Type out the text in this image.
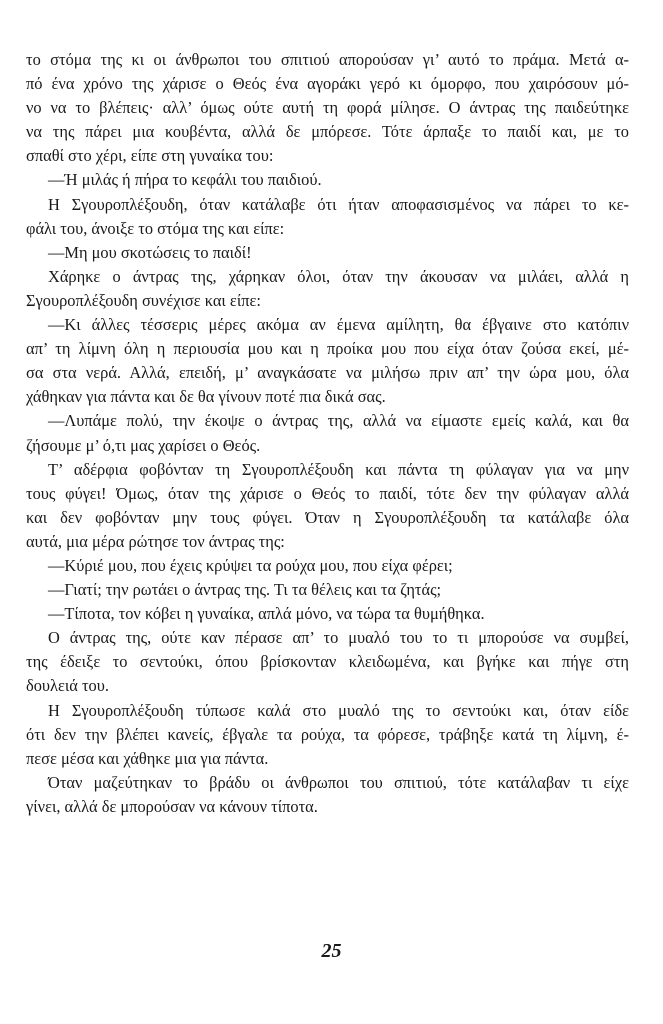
το στόμα της κι οι άνθρωποι του σπιτιού απορούσαν γι’ αυτό το πράμα. Μετά α-
πό ένα χρόνο της χάρισε ο Θεός ένα αγοράκι γερό κι όμορφο, που χαιρόσουν μό-
νο να το βλέπεις· αλλ’ όμως ούτε αυτή τη φορά μίλησε. Ο άντρας της παιδεύτηκε
να της πάρει μια κουβέντα, αλλά δε μπόρεσε. Τότε άρπαξε το παιδί και, με το
σπαθί στο χέρι, είπε στη γυναίκα του:
—Ή μιλάς ή πήρα το κεφάλι του παιδιού.
Η Σγουροπλέξουδη, όταν κατάλαβε ότι ήταν αποφασισμένος να πάρει το κε-
φάλι του, άνοιξε το στόμα της και είπε:
—Μη μου σκοτώσεις το παιδί!
Χάρηκε ο άντρας της, χάρηκαν όλοι, όταν την άκουσαν να μιλάει, αλλά η
Σγουροπλέξουδη συνέχισε και είπε:
—Κι άλλες τέσσερις μέρες ακόμα αν έμενα αμίλητη, θα έβγαινε στο κατόπιν
απ’ τη λίμνη όλη η περιουσία μου και η προίκα μου που είχα όταν ζούσα εκεί, μέ-
σα στα νερά. Αλλά, επειδή, μ’ αναγκάσατε να μιλήσω πριν απ’ την ώρα μου, όλα
χάθηκαν για πάντα και δε θα γίνουν ποτέ πια δικά σας.
—Λυπάμε πολύ, την έκοψε ο άντρας της, αλλά να είμαστε εμείς καλά, και θα
ζήσουμε μ’ ό,τι μας χαρίσει ο Θεός.
Τ’ αδέρφια φοβόνταν τη Σγουροπλέξουδη και πάντα τη φύλαγαν για να μην
τους φύγει! Όμως, όταν της χάρισε ο Θεός το παιδί, τότε δεν την φύλαγαν αλλά
και δεν φοβόνταν μην τους φύγει. Όταν η Σγουροπλέξουδη τα κατάλαβε όλα
αυτά, μια μέρα ρώτησε τον άντρας της:
—Κύριέ μου, που έχεις κρύψει τα ρούχα μου, που είχα φέρει;
—Γιατί; την ρωτάει ο άντρας της. Τι τα θέλεις και τα ζητάς;
—Τίποτα, τον κόβει η γυναίκα, απλά μόνο, να τώρα τα θυμήθηκα.
Ο άντρας της, ούτε καν πέρασε απ’ το μυαλό του το τι μπορούσε να συμβεί,
της έδειξε το σεντούκι, όπου βρίσκονταν κλειδωμένα, και βγήκε και πήγε στη
δουλειά του.
Η Σγουροπλέξουδη τύπωσε καλά στο μυαλό της το σεντούκι και, όταν είδε
ότι δεν την βλέπει κανείς, έβγαλε τα ρούχα, τα φόρεσε, τράβηξε κατά τη λίμνη, έ-
πεσε μέσα και χάθηκε μια για πάντα.
Όταν μαζεύτηκαν το βράδυ οι άνθρωποι του σπιτιού, τότε κατάλαβαν τι είχε
γίνει, αλλά δε μπορούσαν να κάνουν τίποτα.
25
